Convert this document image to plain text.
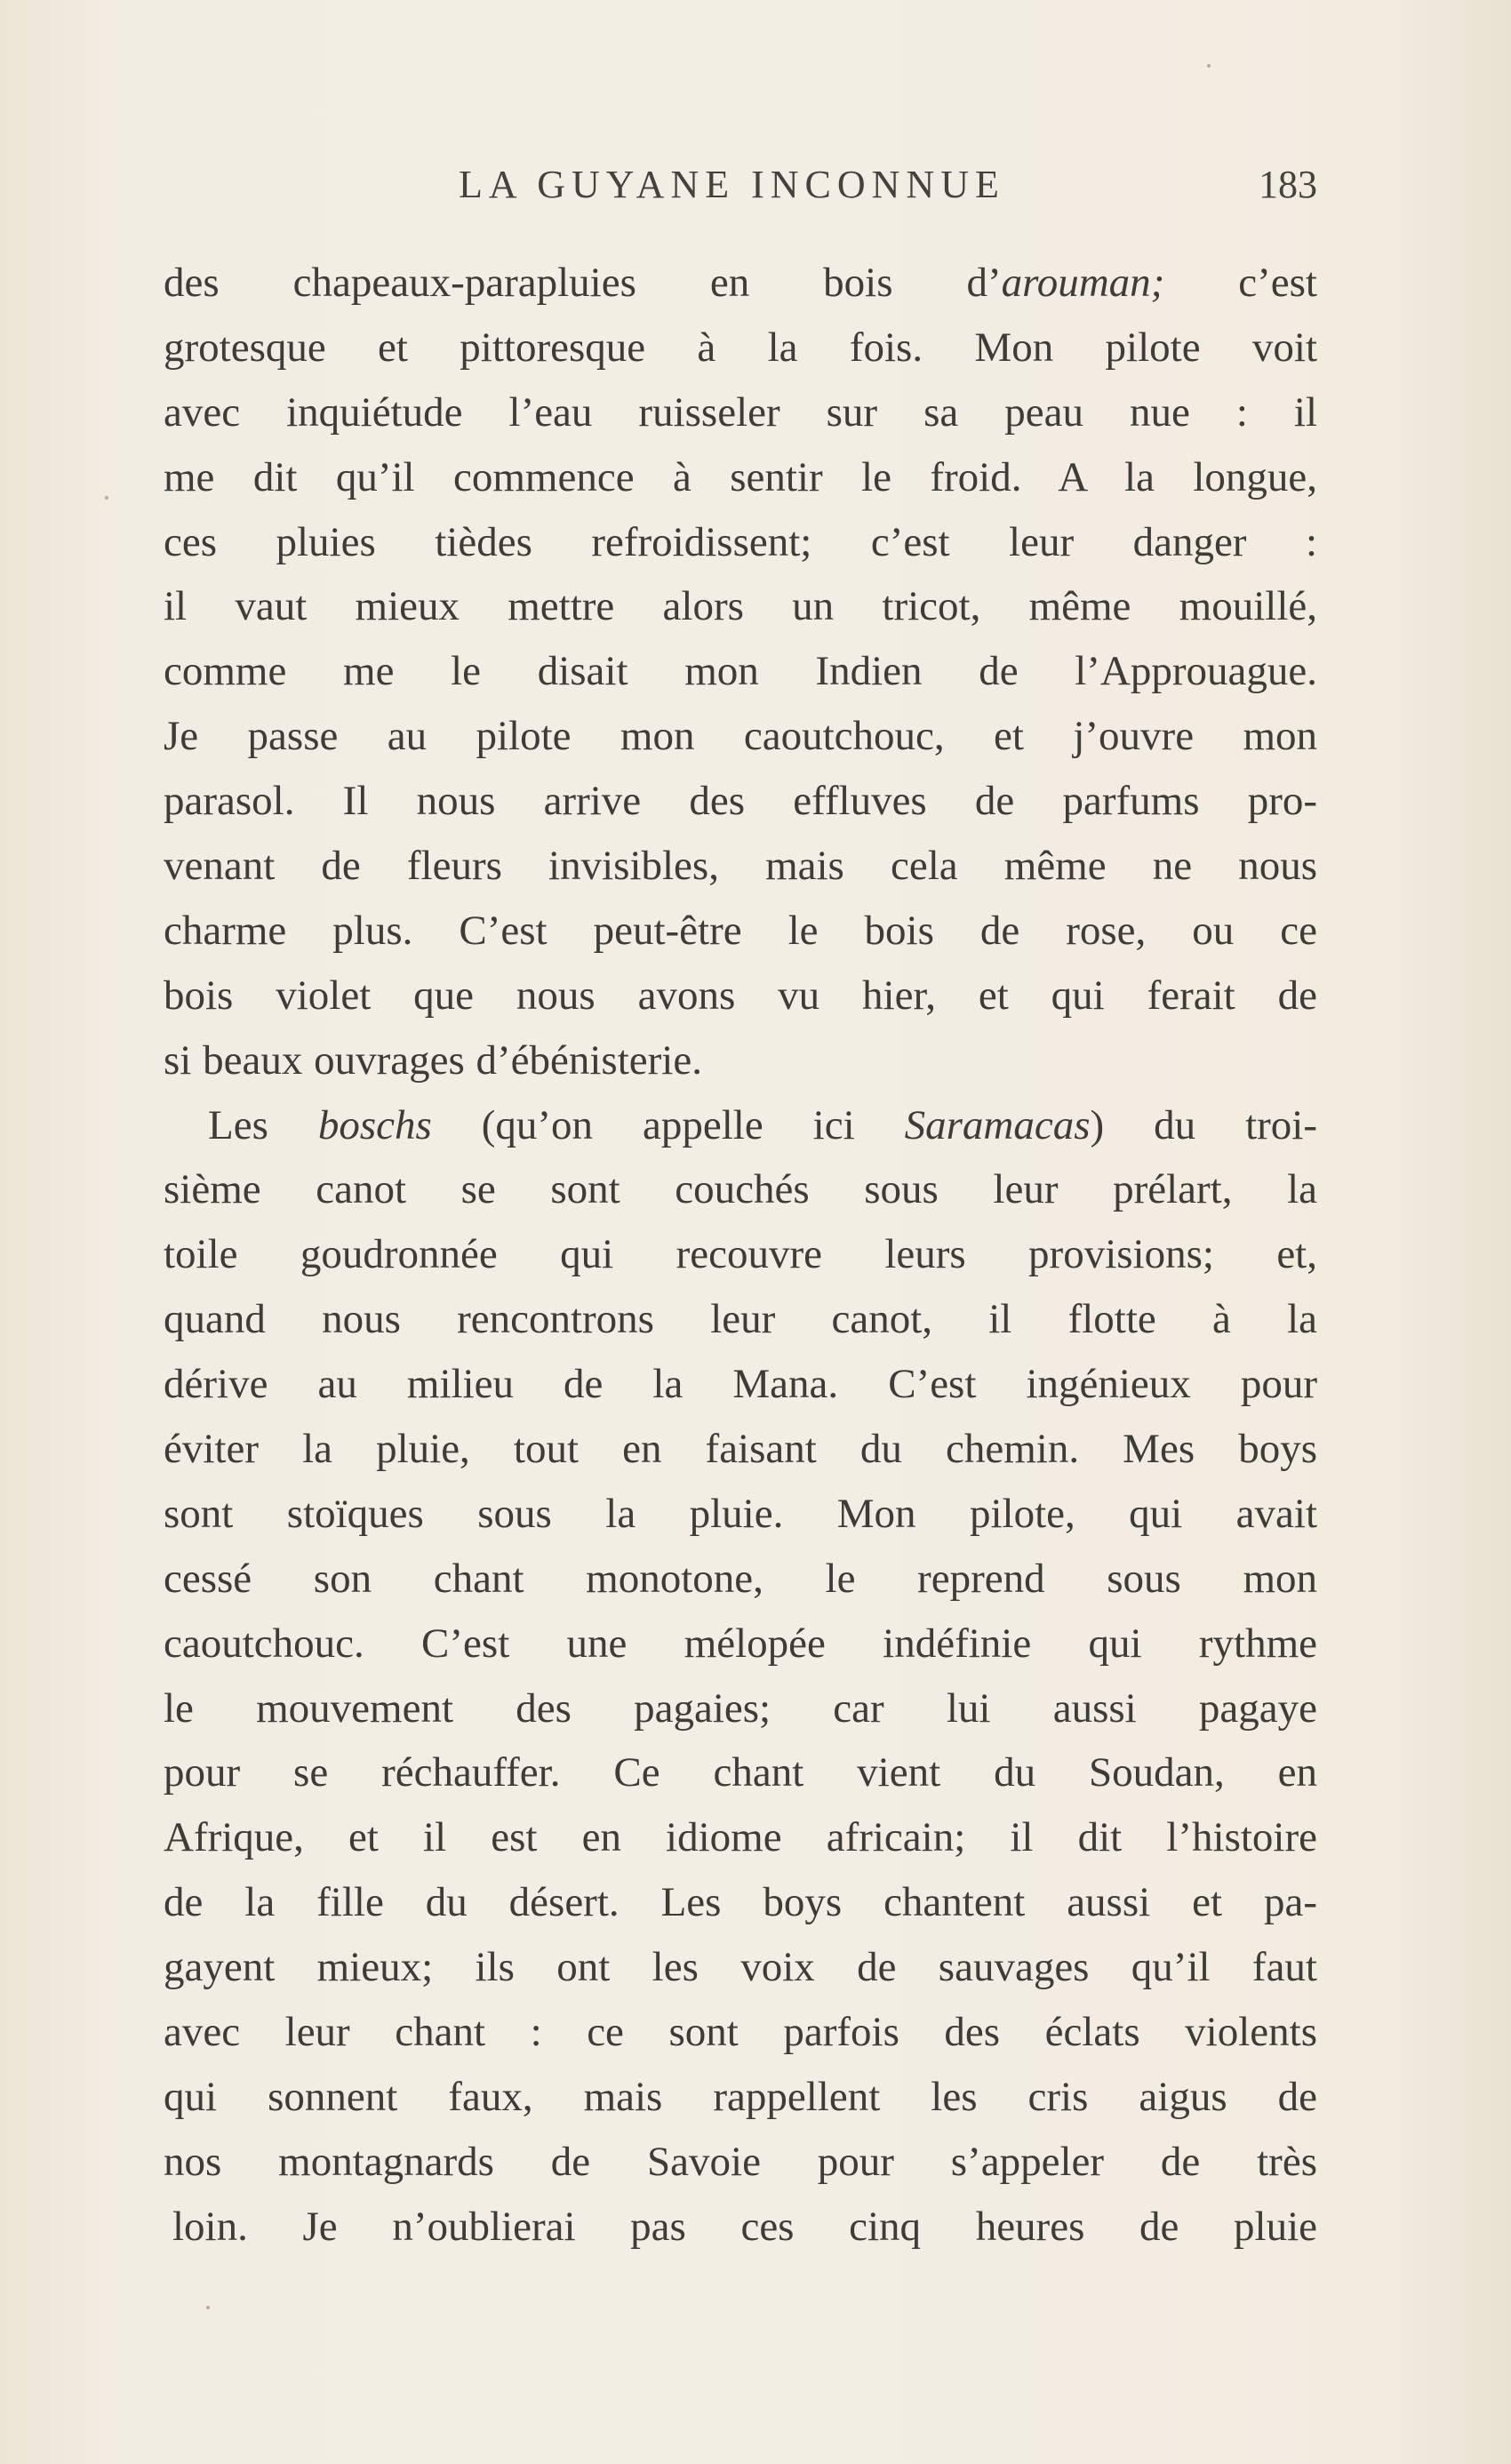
LA GUYANE INCONNUE	183
des chapeaux-parapluies en bois d’arouman; c’est
grotesque et pittoresque à la fois. Mon pilote voit
avec inquiétude l’eau ruisseler sur sa peau nue : il
me dit qu’il commence à sentir le froid. A la longue,
ces pluies tièdes refroidissent; c’est leur danger :
il vaut mieux mettre alors un tricot, même mouillé,
comme me le disait mon Indien de l’Approuague.
Je passe au pilote mon caoutchouc, et j’ouvre mon
parasol. Il nous arrive des effluves de parfums pro-
venant de fleurs invisibles, mais cela même ne nous
charme plus. C’est peut-être le bois de rose, ou ce
bois violet que nous avons vu hier, et qui ferait de
si beaux ouvrages d’ébénisterie.
Les boschs (qu’on appelle ici Saramacas) du troi-
sième canot se sont couchés sous leur prélart, la
toile goudronnée qui recouvre leurs provisions; et,
quand nous rencontrons leur canot, il flotte à la
dérive au milieu de la Mana. C’est ingénieux pour
éviter la pluie, tout en faisant du chemin. Mes boys
sont stoïques sous la pluie. Mon pilote, qui avait
cessé son chant monotone, le reprend sous mon
caoutchouc. C’est une mélopée indéfinie qui rythme
le mouvement des pagaies; car lui aussi pagaye
pour se réchauffer. Ce chant vient du Soudan, en
Afrique, et il est en idiome africain; il dit l’histoire
de la fille du désert. Les boys chantent aussi et pa-
gayent mieux; ils ont les voix de sauvages qu’il faut
avec leur chant : ce sont parfois des éclats violents
qui sonnent faux, mais rappellent les cris aigus de
nos montagnards de Savoie pour s’appeler de très
loin. Je n’oublierai pas ces cinq heures de pluie
